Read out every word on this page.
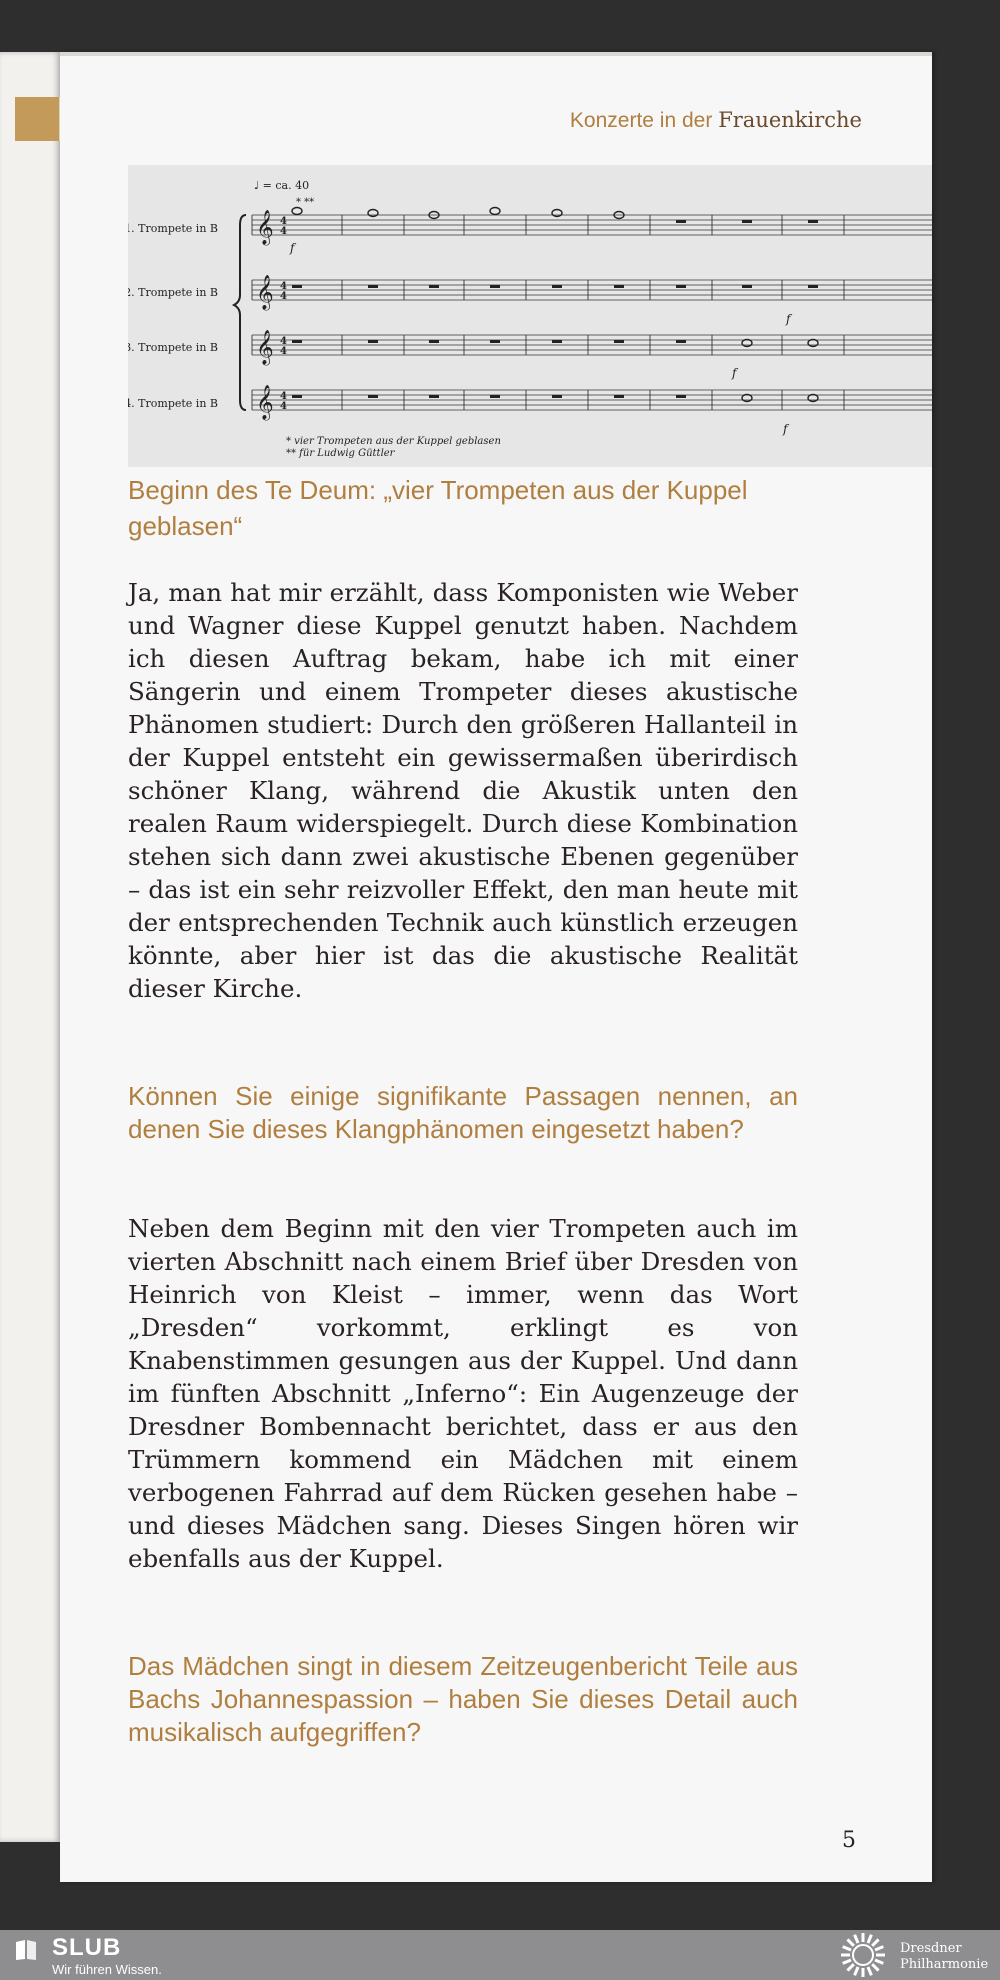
Konzerte in der Frauenkirche
♩ = ca. 40
* **
1. Trompete in B
2. Trompete in B
3. Trompete in B
4. Trompete in B
𝄞 4
4
𝄞 4
4
𝄞 4
4
𝄞 4
4
f
f
f
f
* vier Trompeten aus der Kuppel geblasen
** für Ludwig Güttler
Beginn des Te Deum: „vier Trompeten aus der Kuppel geblasen“
Ja, man hat mir erzählt, dass Komponisten wie Weber und Wagner diese Kuppel genutzt haben. Nachdem ich diesen Auftrag bekam, habe ich mit einer Sängerin und einem Trompeter dieses akustische Phänomen studiert: Durch den größeren Hallanteil in der Kuppel entsteht ein gewissermaßen überirdisch schöner Klang, während die Akustik unten den realen Raum widerspiegelt. Durch diese Kombination stehen sich dann zwei akustische Ebenen gegenüber – das ist ein sehr reizvoller Effekt, den man heute mit der entsprechenden Technik auch künstlich erzeugen könnte, aber hier ist das die akustische Realität dieser Kirche.
Können Sie einige signifikante Passagen nennen, an denen Sie dieses Klangphänomen eingesetzt haben?
Neben dem Beginn mit den vier Trompeten auch im vierten Abschnitt nach einem Brief über Dresden von Heinrich von Kleist – immer, wenn das Wort „Dresden“ vorkommt, erklingt es von Knabenstimmen gesungen aus der Kuppel. Und dann im fünften Abschnitt „Inferno“: Ein Augenzeuge der Dresdner Bombennacht berichtet, dass er aus den Trümmern kommend ein Mädchen mit einem verbogenen Fahrrad auf dem Rücken gesehen habe – und dieses Mädchen sang. Dieses Singen hören wir ebenfalls aus der Kuppel.
Das Mädchen singt in diesem Zeitzeugenbericht Teile aus Bachs Johannespassion – haben Sie dieses Detail auch musikalisch aufgegriffen?
5
SLUB
Wir führen Wissen.
Dresdner
Philharmonie
